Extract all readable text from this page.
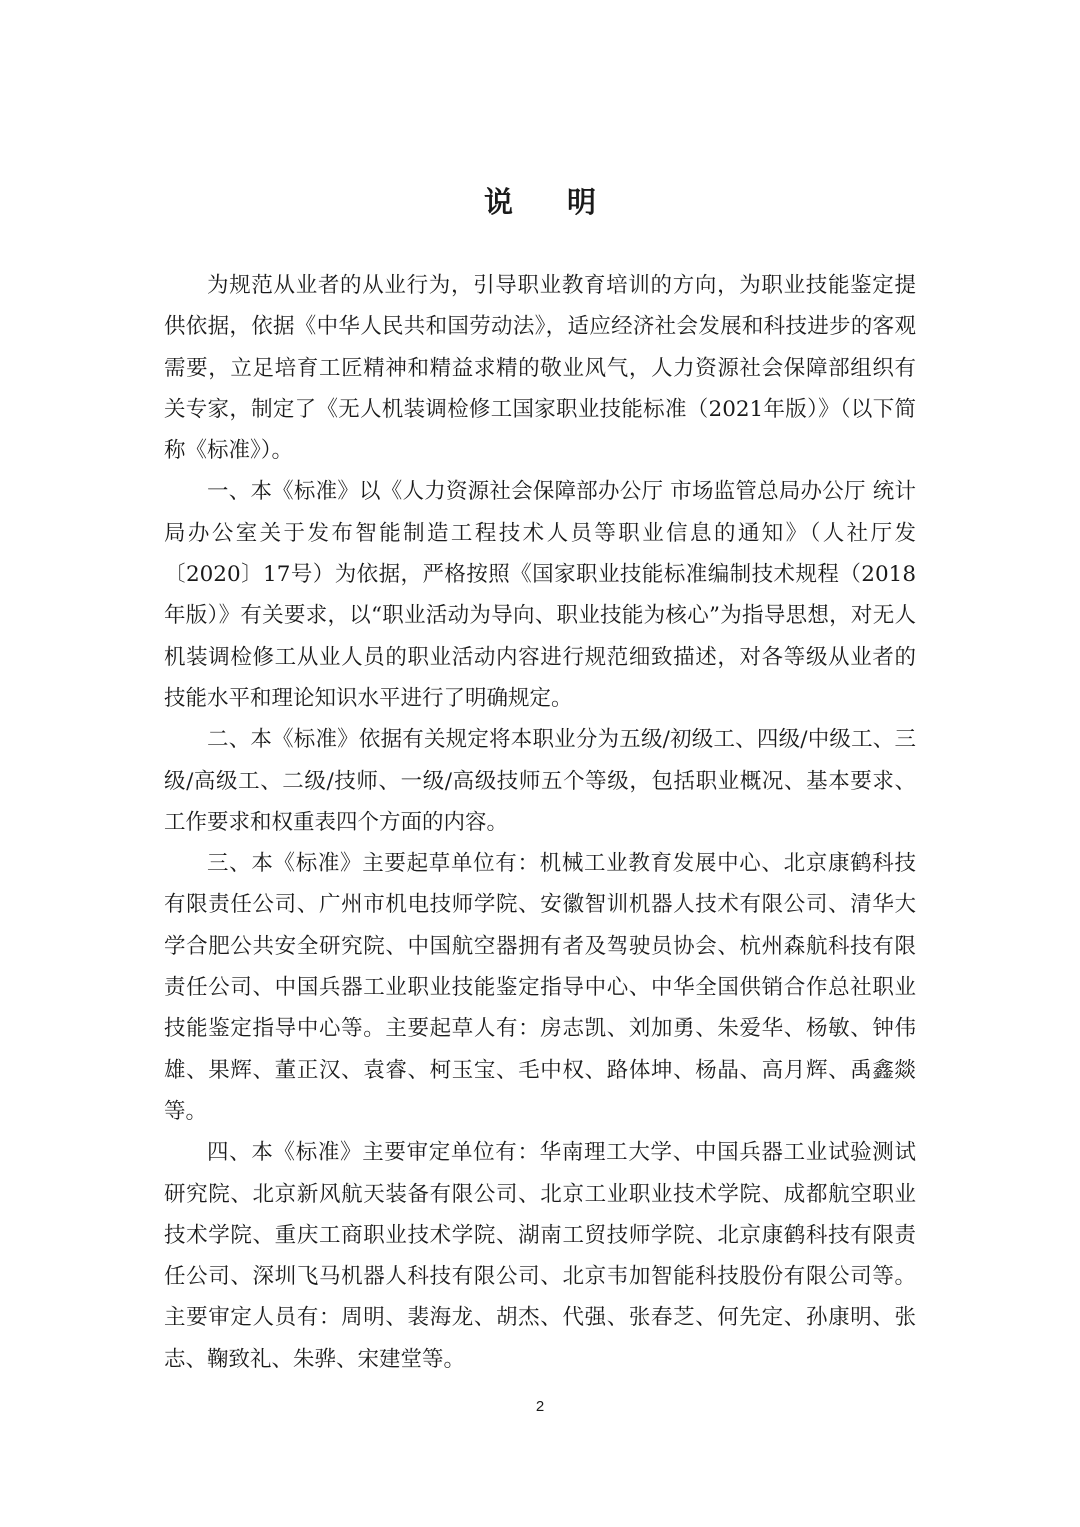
说 明

为规范从业者的从业行为，引导职业教育培训的方向，为职业技能鉴定提供依据，依据《中华人民共和国劳动法》，适应经济社会发展和科技进步的客观需要，立足培育工匠精神和精益求精的敬业风气，人力资源社会保障部组织有关专家，制定了《无人机装调检修工国家职业技能标准（2021年版）》（以下简称《标准》）。

一、本《标准》以《人力资源社会保障部办公厅 市场监管总局办公厅 统计局办公室关于发布智能制造工程技术人员等职业信息的通知》（人社厅发〔2020〕17号）为依据，严格按照《国家职业技能标准编制技术规程（2018年版）》有关要求，以“职业活动为导向、职业技能为核心”为指导思想，对无人机装调检修工从业人员的职业活动内容进行规范细致描述，对各等级从业者的技能水平和理论知识水平进行了明确规定。

二、本《标准》依据有关规定将本职业分为五级/初级工、四级/中级工、三级/高级工、二级/技师、一级/高级技师五个等级，包括职业概况、基本要求、工作要求和权重表四个方面的内容。

三、本《标准》主要起草单位有：机械工业教育发展中心、北京康鹤科技有限责任公司、广州市机电技师学院、安徽智训机器人技术有限公司、清华大学合肥公共安全研究院、中国航空器拥有者及驾驶员协会、杭州森航科技有限责任公司、中国兵器工业职业技能鉴定指导中心、中华全国供销合作总社职业技能鉴定指导中心等。主要起草人有：房志凯、刘加勇、朱爱华、杨敏、钟伟雄、果辉、董正汉、袁睿、柯玉宝、毛中权、路体坤、杨晶、高月辉、禹鑫燚等。

四、本《标准》主要审定单位有：华南理工大学、中国兵器工业试验测试研究院、北京新风航天装备有限公司、北京工业职业技术学院、成都航空职业技术学院、重庆工商职业技术学院、湖南工贸技师学院、北京康鹤科技有限责任公司、深圳飞马机器人科技有限公司、北京韦加智能科技股份有限公司等。主要审定人员有：周明、裴海龙、胡杰、代强、张春芝、何先定、孙康明、张志、鞠致礼、朱骅、宋建堂等。

2
